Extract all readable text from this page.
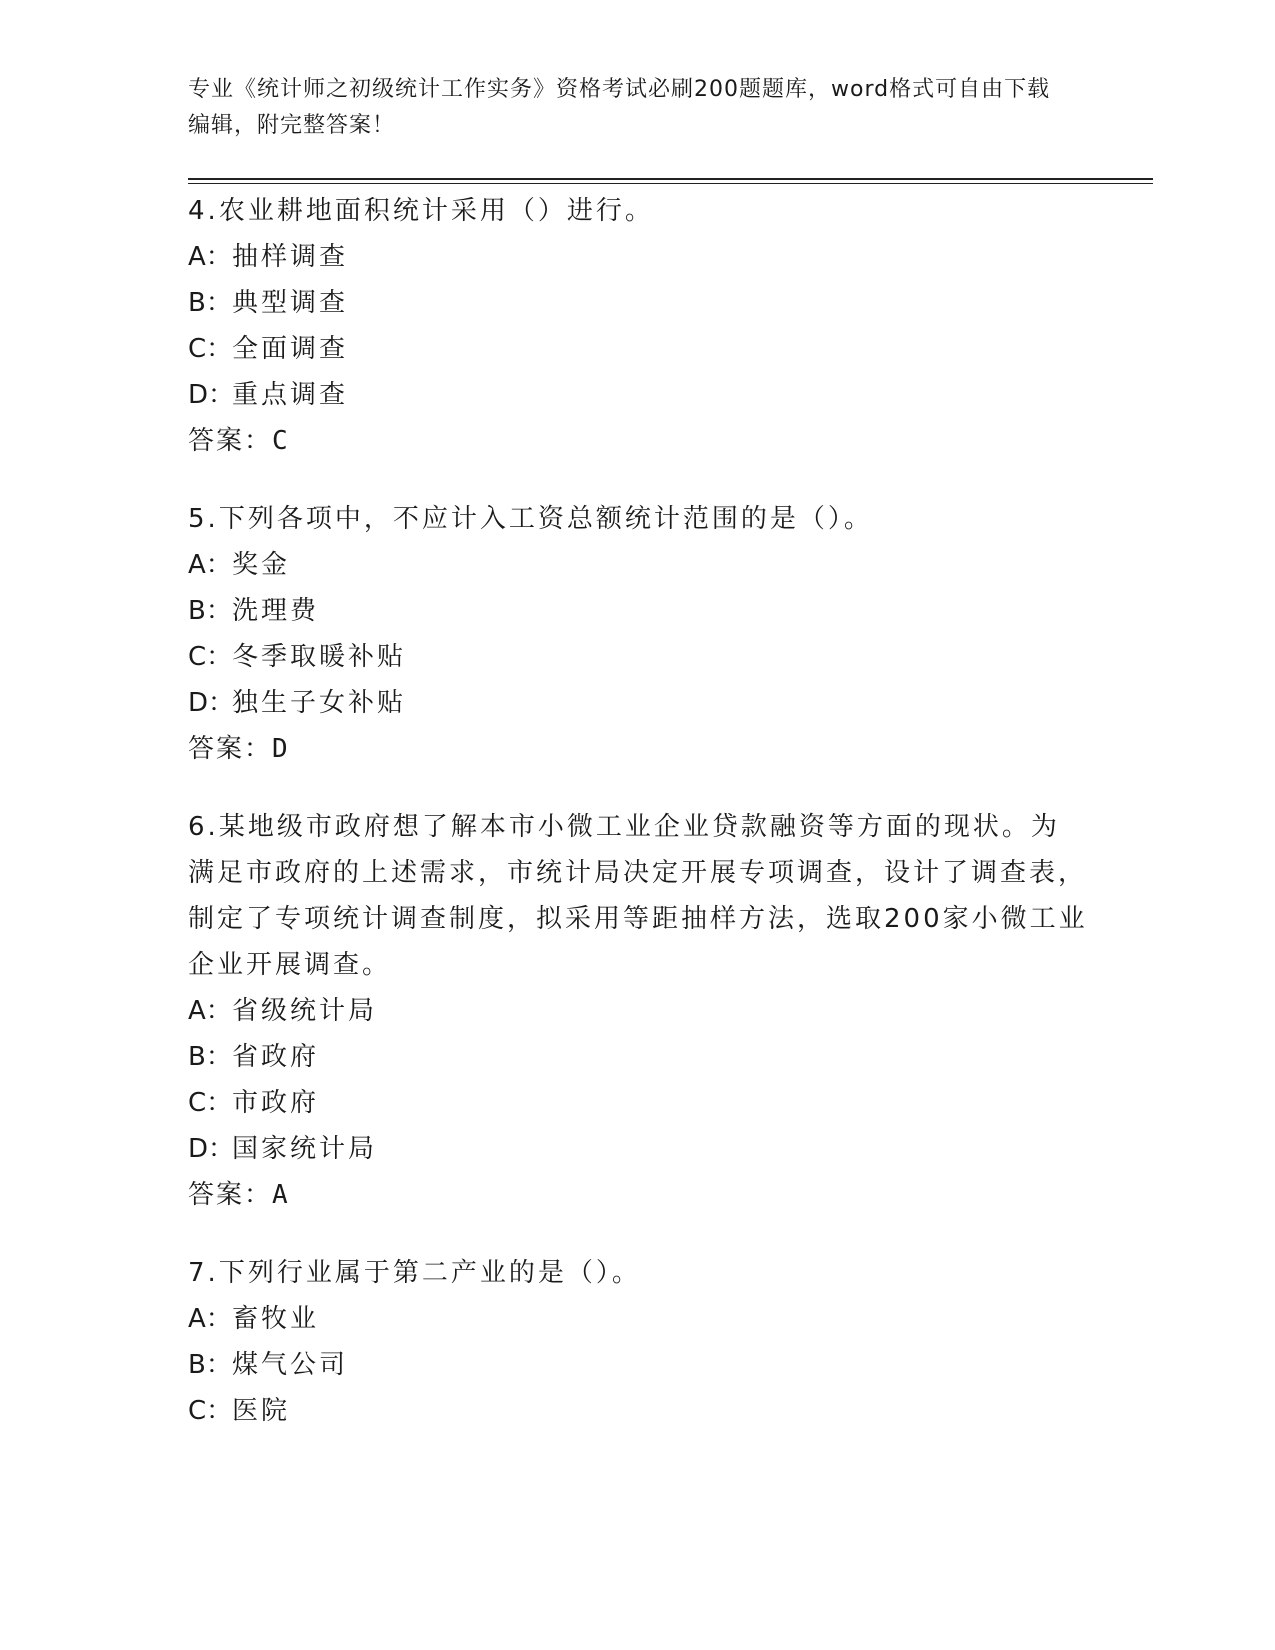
专业《统计师之初级统计工作实务》资格考试必刷200题题库，word格式可自由下载编辑，附完整答案！
4.农业耕地面积统计采用（）进行。
A：抽样调查
B：典型调查
C：全面调查
D：重点调查
答案：C
5.下列各项中，不应计入工资总额统计范围的是（）。
A：奖金
B：洗理费
C：冬季取暖补贴
D：独生子女补贴
答案：D
6.某地级市政府想了解本市小微工业企业贷款融资等方面的现状。为满足市政府的上述需求，市统计局决定开展专项调查，设计了调查表，制定了专项统计调查制度，拟采用等距抽样方法，选取200家小微工业企业开展调查。
A：省级统计局
B：省政府
C：市政府
D：国家统计局
答案：A
7.下列行业属于第二产业的是（）。
A：畜牧业
B：煤气公司
C：医院
